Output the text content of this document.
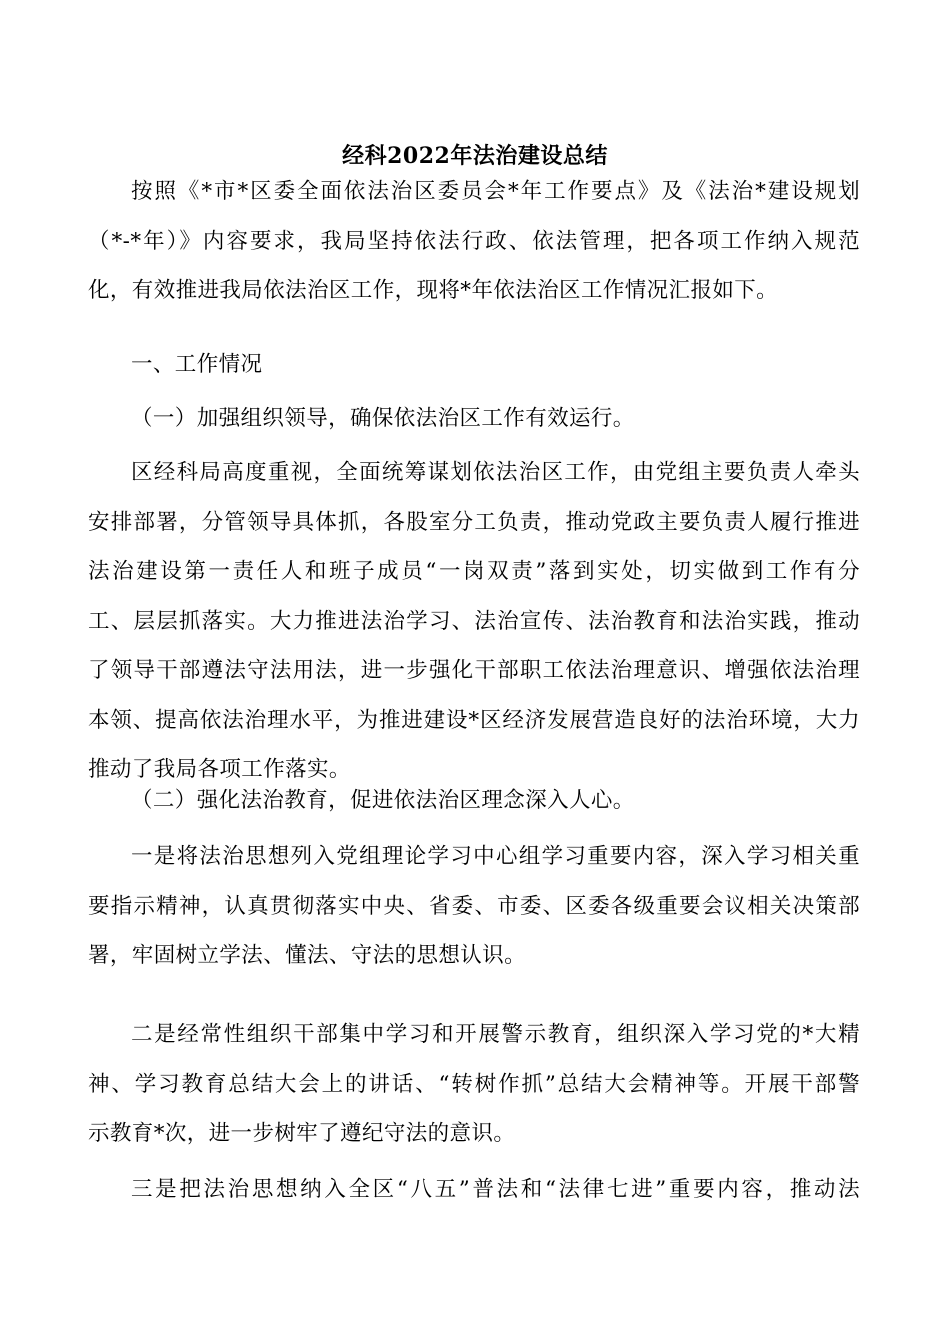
经科2022年法治建设总结
按照《*市*区委全面依法治区委员会*年工作要点》及《法治*建设规划
（*-*年）》内容要求，我局坚持依法行政、依法管理，把各项工作纳入规范
化，有效推进我局依法治区工作，现将*年依法治区工作情况汇报如下。
一、工作情况
（一）加强组织领导，确保依法治区工作有效运行。
区经科局高度重视，全面统筹谋划依法治区工作，由党组主要负责人牵头
安排部署，分管领导具体抓，各股室分工负责，推动党政主要负责人履行推进
法治建设第一责任人和班子成员“一岗双责”落到实处，切实做到工作有分
工、层层抓落实。大力推进法治学习、法治宣传、法治教育和法治实践，推动
了领导干部遵法守法用法，进一步强化干部职工依法治理意识、增强依法治理
本领、提高依法治理水平，为推进建设*区经济发展营造良好的法治环境，大力
推动了我局各项工作落实。
（二）强化法治教育，促进依法治区理念深入人心。
一是将法治思想列入党组理论学习中心组学习重要内容，深入学习相关重
要指示精神，认真贯彻落实中央、省委、市委、区委各级重要会议相关决策部
署，牢固树立学法、懂法、守法的思想认识。
二是经常性组织干部集中学习和开展警示教育，组织深入学习党的*大精
神、学习教育总结大会上的讲话、“转树作抓”总结大会精神等。开展干部警
示教育*次，进一步树牢了遵纪守法的意识。
三是把法治思想纳入全区“八五”普法和“法律七进”重要内容，推动法
